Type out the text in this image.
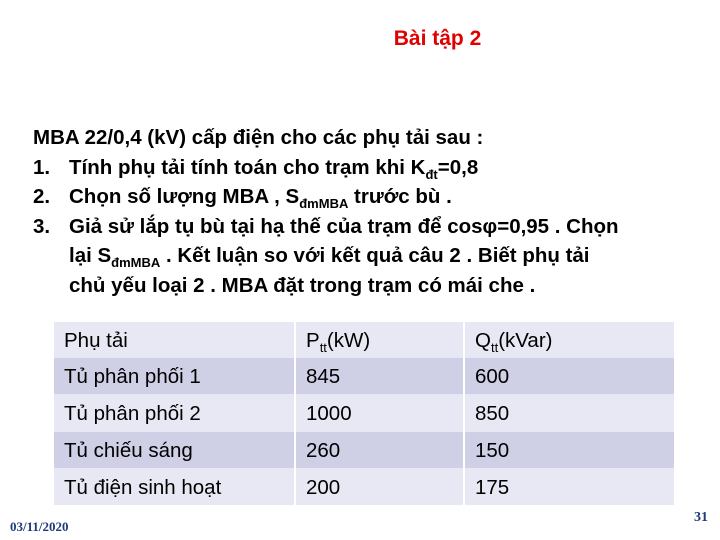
Bài tập 2
MBA 22/0,4 (kV) cấp điện cho các phụ tải sau :
1. Tính phụ tải tính toán cho trạm khi $K_{đt}=0,8$
2. Chọn số lượng MBA , $S_{đmMBA}$ trước bù .
3. Giả sử lắp tụ bù tại hạ thế của trạm để cosφ=0,95 . Chọn
lại $S_{đmMBA}$ . Kết luận so với kết quả câu 2 . Biết phụ tải
chủ yếu loại 2 . MBA đặt trong trạm có mái che .
Phụ tải	$P_{tt}(kW)$	$Q_{tt}(kVar)$
Tủ phân phối 1	845	600
Tủ phân phối 2	1000	850
Tủ chiếu sáng	260	150
Tủ điện sinh hoạt	200	175
03/11/2020
31
